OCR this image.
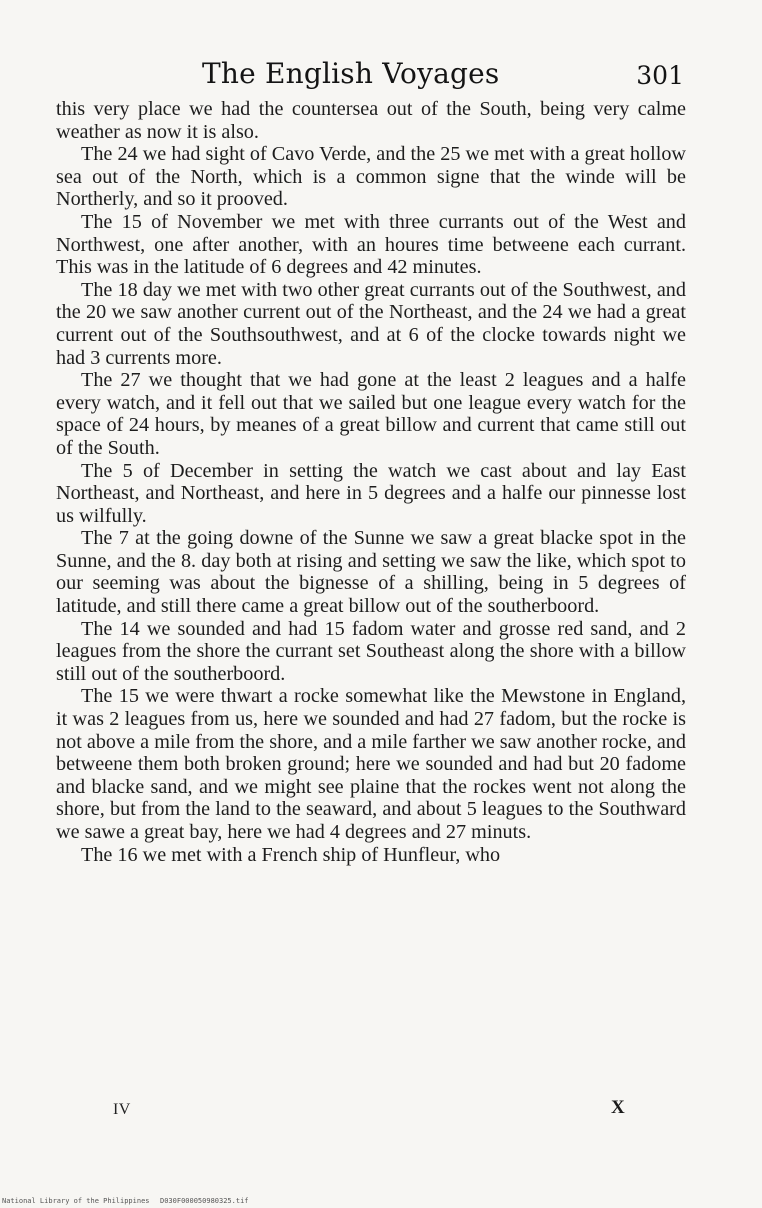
The English Voyages	301

this very place we had the countersea out of the South, being very calme weather as now it is also.

The 24 we had sight of Cavo Verde, and the 25 we met with a great hollow sea out of the North, which is a common signe that the winde will be Northerly, and so it prooved.

The 15 of November we met with three currants out of the West and Northwest, one after another, with an houres time betweene each currant. This was in the latitude of 6 degrees and 42 minutes.

The 18 day we met with two other great currants out of the Southwest, and the 20 we saw another current out of the Northeast, and the 24 we had a great current out of the Southsouthwest, and at 6 of the clocke towards night we had 3 currents more.

The 27 we thought that we had gone at the least 2 leagues and a halfe every watch, and it fell out that we sailed but one league every watch for the space of 24 hours, by meanes of a great billow and current that came still out of the South.

The 5 of December in setting the watch we cast about and lay East Northeast, and Northeast, and here in 5 degrees and a halfe our pinnesse lost us wilfully.

The 7 at the going downe of the Sunne we saw a great blacke spot in the Sunne, and the 8. day both at rising and setting we saw the like, which spot to our seeming was about the bignesse of a shilling, being in 5 degrees of latitude, and still there came a great billow out of the southerboord.

The 14 we sounded and had 15 fadom water and grosse red sand, and 2 leagues from the shore the currant set Southeast along the shore with a billow still out of the southerboord.

The 15 we were thwart a rocke somewhat like the Mewstone in England, it was 2 leagues from us, here we sounded and had 27 fadom, but the rocke is not above a mile from the shore, and a mile farther we saw another rocke, and betweene them both broken ground; here we sounded and had but 20 fadome and blacke sand, and we might see plaine that the rockes went not along the shore, but from the land to the seaward, and about 5 leagues to the Southward we sawe a great bay, here we had 4 degrees and 27 minuts.

The 16 we met with a French ship of Hunfleur, who

IV	X
National Library of the Philippines D030F000050980325.tif
